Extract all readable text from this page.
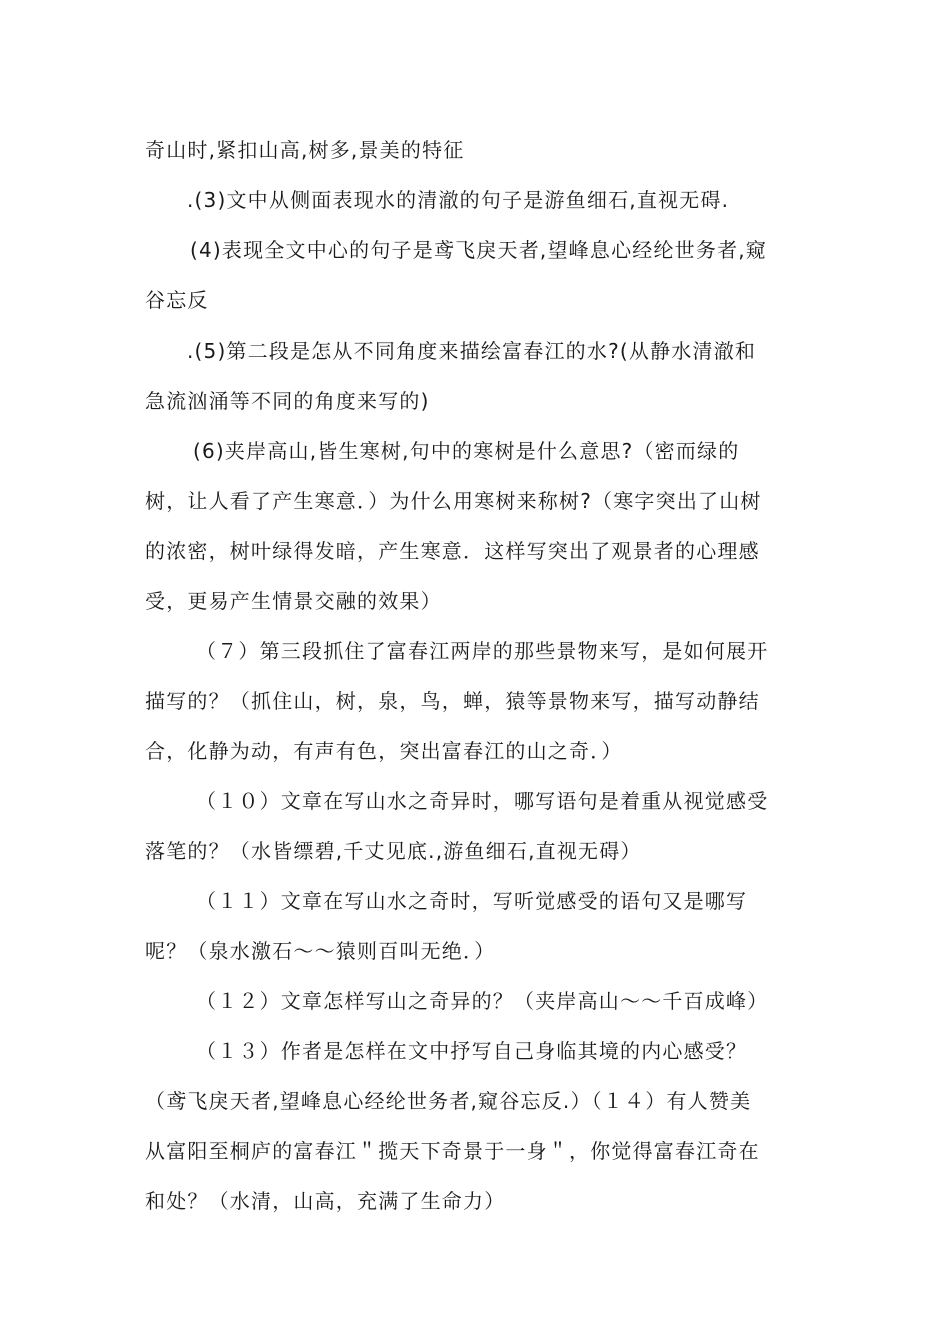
奇山时,紧扣山高,树多,景美的特征
.(3)文中从侧面表现水的清澈的句子是游鱼细石,直视无碍.
(4)表现全文中心的句子是鸢飞戾天者,望峰息心经纶世务者,窥
谷忘反
.(5)第二段是怎从不同角度来描绘富春江的水?(从静水清澈和
急流汹涌等不同的角度来写的)
(6)夹岸高山,皆生寒树,句中的寒树是什么意思?（密而绿的
树，让人看了产生寒意．）为什么用寒树来称树?（寒字突出了山树
的浓密，树叶绿得发暗，产生寒意．这样写突出了观景者的心理感
受，更易产生情景交融的效果）
（７）第三段抓住了富春江两岸的那些景物来写，是如何展开
描写的？（抓住山，树，泉，鸟，蝉，猿等景物来写，描写动静结
合，化静为动，有声有色，突出富春江的山之奇．）
（１０）文章在写山水之奇异时，哪写语句是着重从视觉感受
落笔的？（水皆缥碧,千丈见底.,游鱼细石,直视无碍）
（１１）文章在写山水之奇时，写听觉感受的语句又是哪写
呢？（泉水激石～～猿则百叫无绝．）
（１２）文章怎样写山之奇异的？（夹岸高山～～千百成峰）
（１３）作者是怎样在文中抒写自己身临其境的内心感受？
（鸢飞戾天者,望峰息心经纶世务者,窥谷忘反.）（１４）有人赞美
从富阳至桐庐的富春江＂揽天下奇景于一身＂，你觉得富春江奇在
和处？（水清，山高，充满了生命力）
